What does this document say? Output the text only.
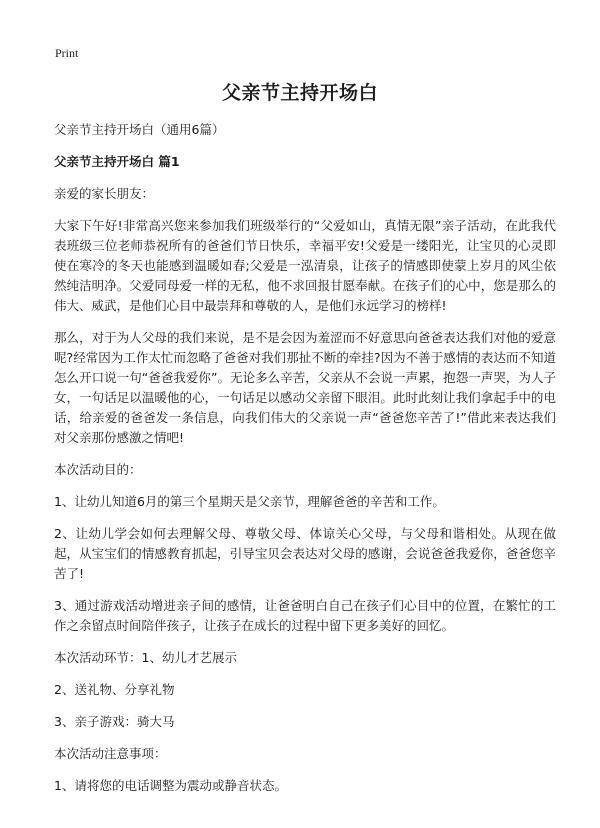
Print
父亲节主持开场白

父亲节主持开场白（通用6篇）

父亲节主持开场白 篇1

亲爱的家长朋友：

大家下午好!非常高兴您来参加我们班级举行的“父爱如山，真情无限”亲子活动，在此我代表班级三位老师恭祝所有的爸爸们节日快乐，幸福平安!父爱是一缕阳光，让宝贝的心灵即使在寒冷的冬天也能感到温暖如春;父爱是一泓清泉，让孩子的情感即使蒙上岁月的风尘依然纯洁明净。父爱同母爱一样的无私，他不求回报甘愿奉献。在孩子们的心中，您是那么的伟大、威武，是他们心目中最崇拜和尊敬的人，是他们永远学习的榜样!

那么，对于为人父母的我们来说，是不是会因为羞涩而不好意思向爸爸表达我们对他的爱意呢?经常因为工作太忙而忽略了爸爸对我们那扯不断的牵挂?因为不善于感情的表达而不知道怎么开口说一句“爸爸我爱你”。无论多么辛苦，父亲从不会说一声累，抱怨一声哭，为人子女，一句话足以温暖他的心，一句话足以感动父亲留下眼泪。此时此刻让我们拿起手中的电话，给亲爱的爸爸发一条信息，向我们伟大的父亲说一声“爸爸您辛苦了!”借此来表达我们对父亲那份感激之情吧!

本次活动目的：

1、让幼儿知道6月的第三个星期天是父亲节，理解爸爸的辛苦和工作。

2、让幼儿学会如何去理解父母、尊敬父母、体谅关心父母，与父母和谐相处。从现在做起，从宝宝们的情感教育抓起，引导宝贝会表达对父母的感谢，会说爸爸我爱你，爸爸您辛苦了!

3、通过游戏活动增进亲子间的感情，让爸爸明白自己在孩子们心目中的位置，在繁忙的工作之余留点时间陪伴孩子，让孩子在成长的过程中留下更多美好的回忆。

本次活动环节：1、幼儿才艺展示

2、送礼物、分享礼物

3、亲子游戏：骑大马

本次活动注意事项：

1、请将您的电话调整为震动或静音状态。
